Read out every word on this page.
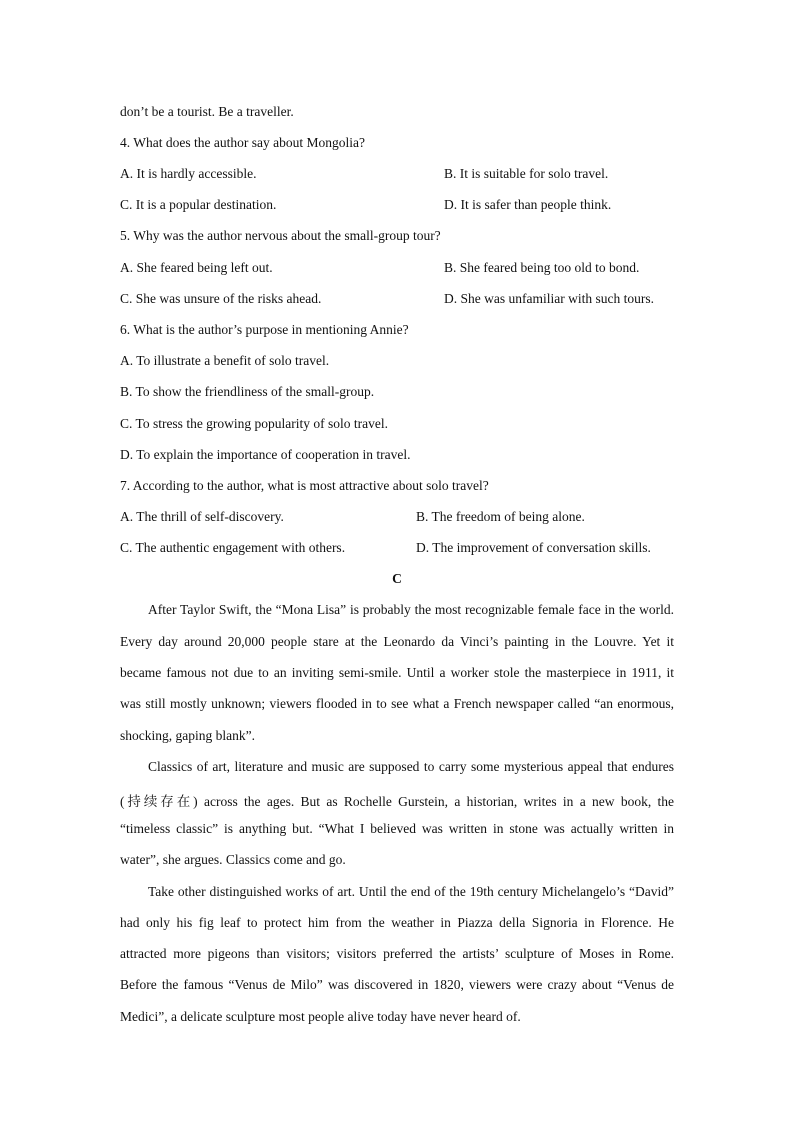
don’t be a tourist. Be a traveller.
4. What does the author say about Mongolia?
A. It is hardly accessible.	B. It is suitable for solo travel.
C. It is a popular destination.	D. It is safer than people think.
5. Why was the author nervous about the small-group tour?
A. She feared being left out.	B. She feared being too old to bond.
C. She was unsure of the risks ahead.	D. She was unfamiliar with such tours.
6. What is the author’s purpose in mentioning Annie?
A. To illustrate a benefit of solo travel.
B. To show the friendliness of the small-group.
C. To stress the growing popularity of solo travel.
D. To explain the importance of cooperation in travel.
7. According to the author, what is most attractive about solo travel?
A. The thrill of self-discovery.	B. The freedom of being alone.
C. The authentic engagement with others.	D. The improvement of conversation skills.
C
After Taylor Swift, the “Mona Lisa” is probably the most recognizable female face in the world.
Every day around 20,000 people stare at the Leonardo da Vinci’s painting in the Louvre. Yet it
became famous not due to an inviting semi-smile. Until a worker stole the masterpiece in 1911, it
was still mostly unknown; viewers flooded in to see what a French newspaper called “an enormous,
shocking, gaping blank”.
Classics of art, literature and music are supposed to carry some mysterious appeal that endures
(持续存在) across the ages. But as Rochelle Gurstein, a historian, writes in a new book, the
“timeless classic” is anything but. “What I believed was written in stone was actually written in
water”, she argues. Classics come and go.
Take other distinguished works of art. Until the end of the 19th century Michelangelo’s “David”
had only his fig leaf to protect him from the weather in Piazza della Signoria in Florence. He
attracted more pigeons than visitors; visitors preferred the artists’ sculpture of Moses in Rome.
Before the famous “Venus de Milo” was discovered in 1820, viewers were crazy about “Venus de
Medici”, a delicate sculpture most people alive today have never heard of.
